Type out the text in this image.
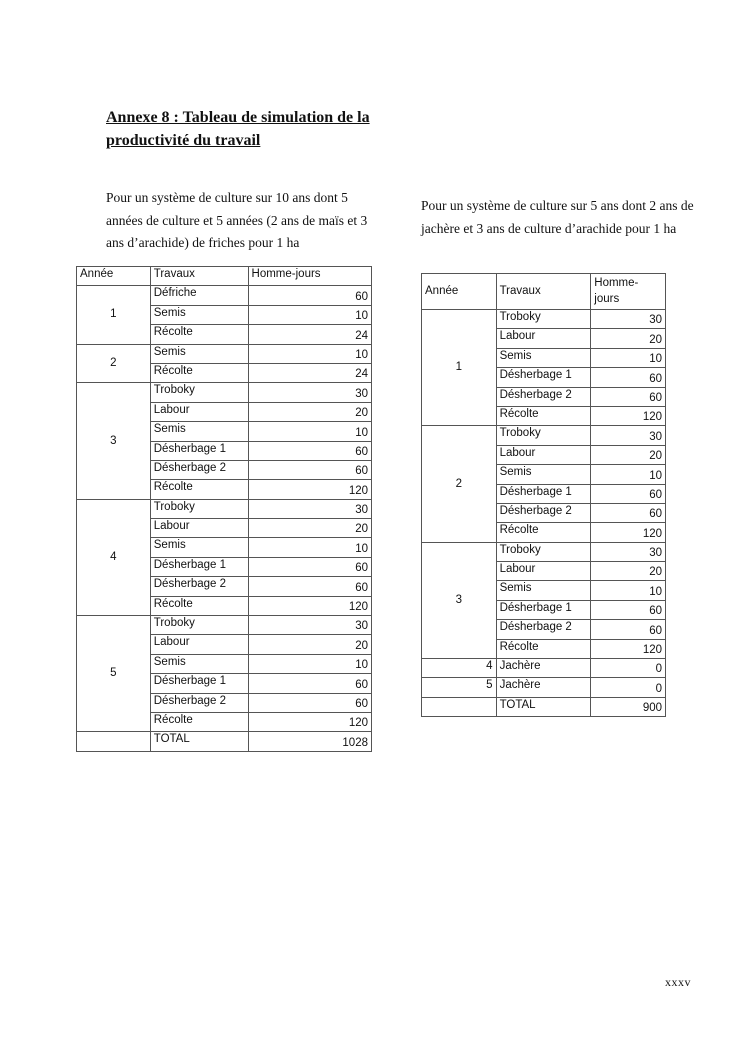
Annexe 8 : Tableau de simulation de la productivité du travail
Pour un système de culture sur 10 ans dont 5 années de culture et 5 années (2 ans de maïs et 3 ans d’arachide) de friches pour 1 ha
Pour un système de culture sur 5 ans dont 2 ans de jachère et 3 ans de culture d’arachide pour 1 ha
Année	Travaux	Homme-jours
1	Défriche	60
	Semis	10
	Récolte	24
2	Semis	10
	Récolte	24
3	Troboky	30
	Labour	20
	Semis	10
	Désherbage 1	60
	Désherbage 2	60
	Récolte	120
4	Troboky	30
	Labour	20
	Semis	10
	Désherbage 1	60
	Désherbage 2	60
	Récolte	120
5	Troboky	30
	Labour	20
	Semis	10
	Désherbage 1	60
	Désherbage 2	60
	Récolte	120
	TOTAL	1028
Année	Travaux	Homme-jours
1	Troboky	30
	Labour	20
	Semis	10
	Désherbage 1	60
	Désherbage 2	60
	Récolte	120
2	Troboky	30
	Labour	20
	Semis	10
	Désherbage 1	60
	Désherbage 2	60
	Récolte	120
3	Troboky	30
	Labour	20
	Semis	10
	Désherbage 1	60
	Désherbage 2	60
	Récolte	120
4	Jachère	0
5	Jachère	0
	TOTAL	900
xxxv
